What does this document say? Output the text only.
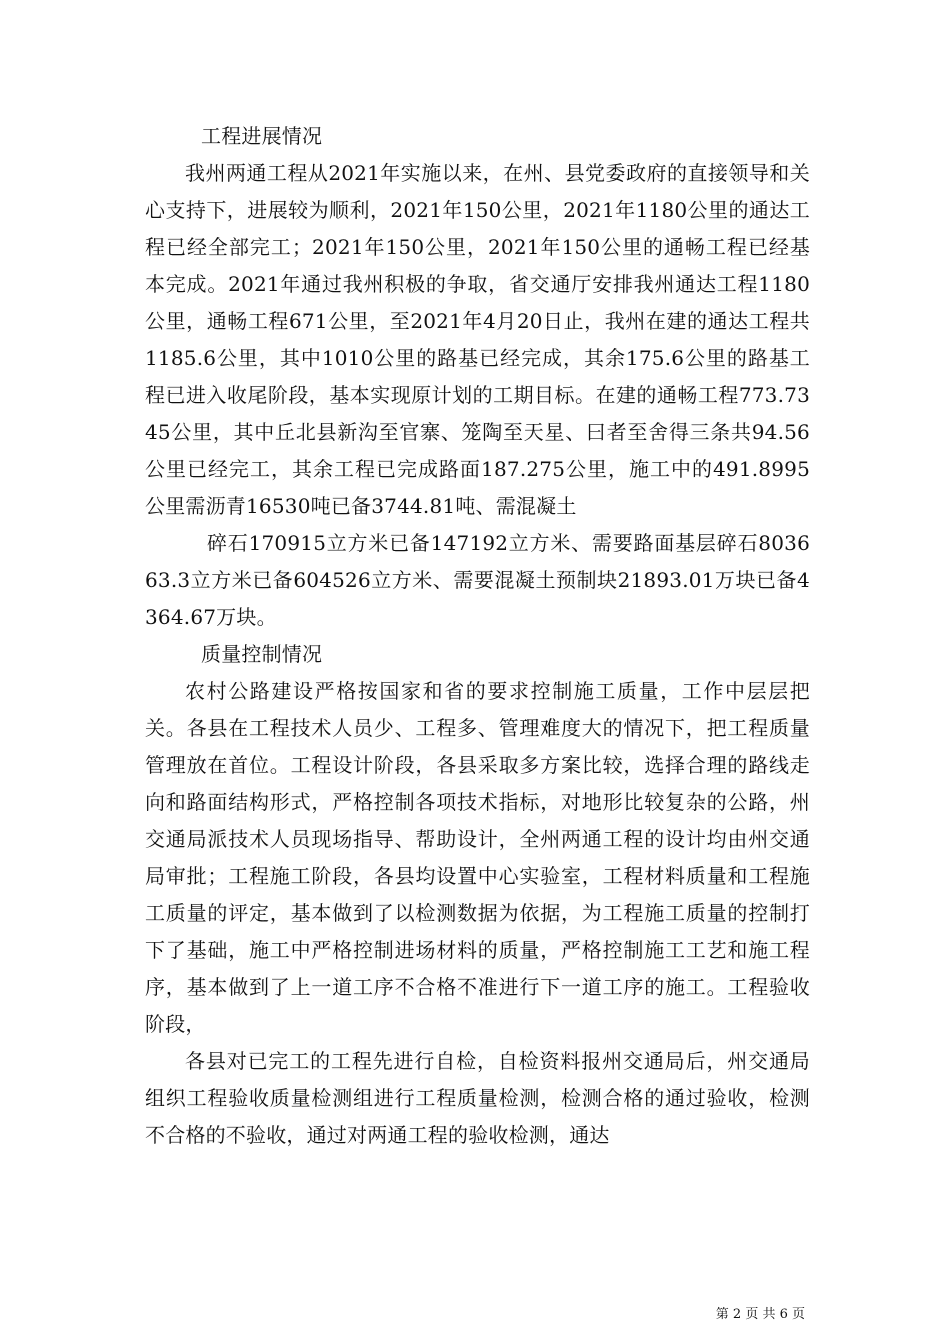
工程进展情况

我州两通工程从2021年实施以来，在州、县党委政府的直接领导和关心支持下，进展较为顺利，2021年150公里，2021年1180公里的通达工程已经全部完工；2021年150公里，2021年150公里的通畅工程已经基本完成。2021年通过我州积极的争取，省交通厅安排我州通达工程1180公里，通畅工程671公里，至2021年4月20日止，我州在建的通达工程共1185.6公里，其中1010公里的路基已经完成，其余175.6公里的路基工程已进入收尾阶段，基本实现原计划的工期目标。在建的通畅工程773.7345公里，其中丘北县新沟至官寨、笼陶至天星、曰者至舍得三条共94.56公里已经完工，其余工程已完成路面187.275公里，施工中的491.8995公里需沥青16530吨已备3744.81吨、需混凝土

碎石170915立方米已备147192立方米、需要路面基层碎石803663.3立方米已备604526立方米、需要混凝土预制块21893.01万块已备4364.67万块。

质量控制情况

农村公路建设严格按国家和省的要求控制施工质量，工作中层层把关。各县在工程技术人员少、工程多、管理难度大的情况下，把工程质量管理放在首位。工程设计阶段，各县采取多方案比较，选择合理的路线走向和路面结构形式，严格控制各项技术指标，对地形比较复杂的公路，州交通局派技术人员现场指导、帮助设计，全州两通工程的设计均由州交通局审批；工程施工阶段，各县均设置中心实验室，工程材料质量和工程施工质量的评定，基本做到了以检测数据为依据，为工程施工质量的控制打下了基础，施工中严格控制进场材料的质量，严格控制施工工艺和施工程序，基本做到了上一道工序不合格不准进行下一道工序的施工。工程验收阶段，

各县对已完工的工程先进行自检，自检资料报州交通局后，州交通局组织工程验收质量检测组进行工程质量检测，检测合格的通过验收，检测不合格的不验收，通过对两通工程的验收检测，通达

第 2 页 共 6 页
